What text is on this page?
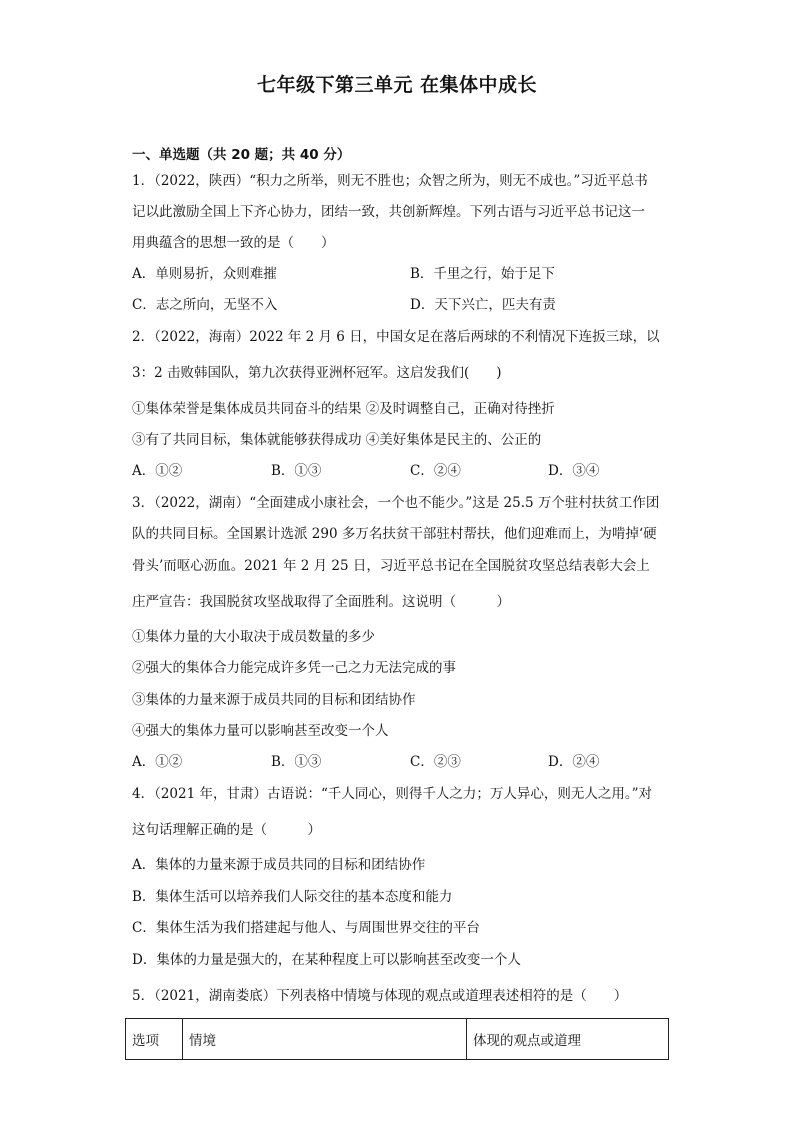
七年级下第三单元 在集体中成长
一、单选题（共 20 题；共 40 分）
1．（2022，陕西）“积力之所举，则无不胜也；众智之所为，则无不成也。”习近平总书
记以此激励全国上下齐心协力，团结一致，共创新辉煌。下列古语与习近平总书记这一
用典蕴含的思想一致的是（　　）
A．单则易折，众则难摧	B．千里之行，始于足下
C．志之所向，无坚不入	D．天下兴亡，匹夫有责
2．（2022，海南）2022 年 2 月 6 日，中国女足在落后两球的不利情况下连扳三球，以
3：2 击败韩国队，第九次获得亚洲杯冠军。这启发我们(　　)
①集体荣誉是集体成员共同奋斗的结果 ②及时调整自己，正确对待挫折
③有了共同目标，集体就能够获得成功 ④美好集体是民主的、公正的
A．①②	B．①③	C．②④	D．③④
3．（2022，湖南）“全面建成小康社会，一个也不能少。”这是 25.5 万个驻村扶贫工作团
队的共同目标。全国累计选派 290 多万名扶贫干部驻村帮扶，他们迎难而上，为啃掉‘硬
骨头’而呕心沥血。2021 年 2 月 25 日，习近平总书记在全国脱贫攻坚总结表彰大会上
庄严宣告：我国脱贫攻坚战取得了全面胜利。这说明（　　　）
①集体力量的大小取决于成员数量的多少
②强大的集体合力能完成许多凭一己之力无法完成的事
③集体的力量来源于成员共同的目标和团结协作
④强大的集体力量可以影响甚至改变一个人
A．①②	B．①③	C．②③	D．②④
4．（2021 年，甘肃）古语说：“千人同心，则得千人之力；万人异心，则无人之用。”对
这句话理解正确的是（　　　）
A．集体的力量来源于成员共同的目标和团结协作
B．集体生活可以培养我们人际交往的基本态度和能力
C．集体生活为我们搭建起与他人、与周围世界交往的平台
D．集体的力量是强大的，在某种程度上可以影响甚至改变一个人
5．（2021，湖南娄底）下列表格中情境与体现的观点或道理表述相符的是（　　）
选项	情境	体现的观点或道理
